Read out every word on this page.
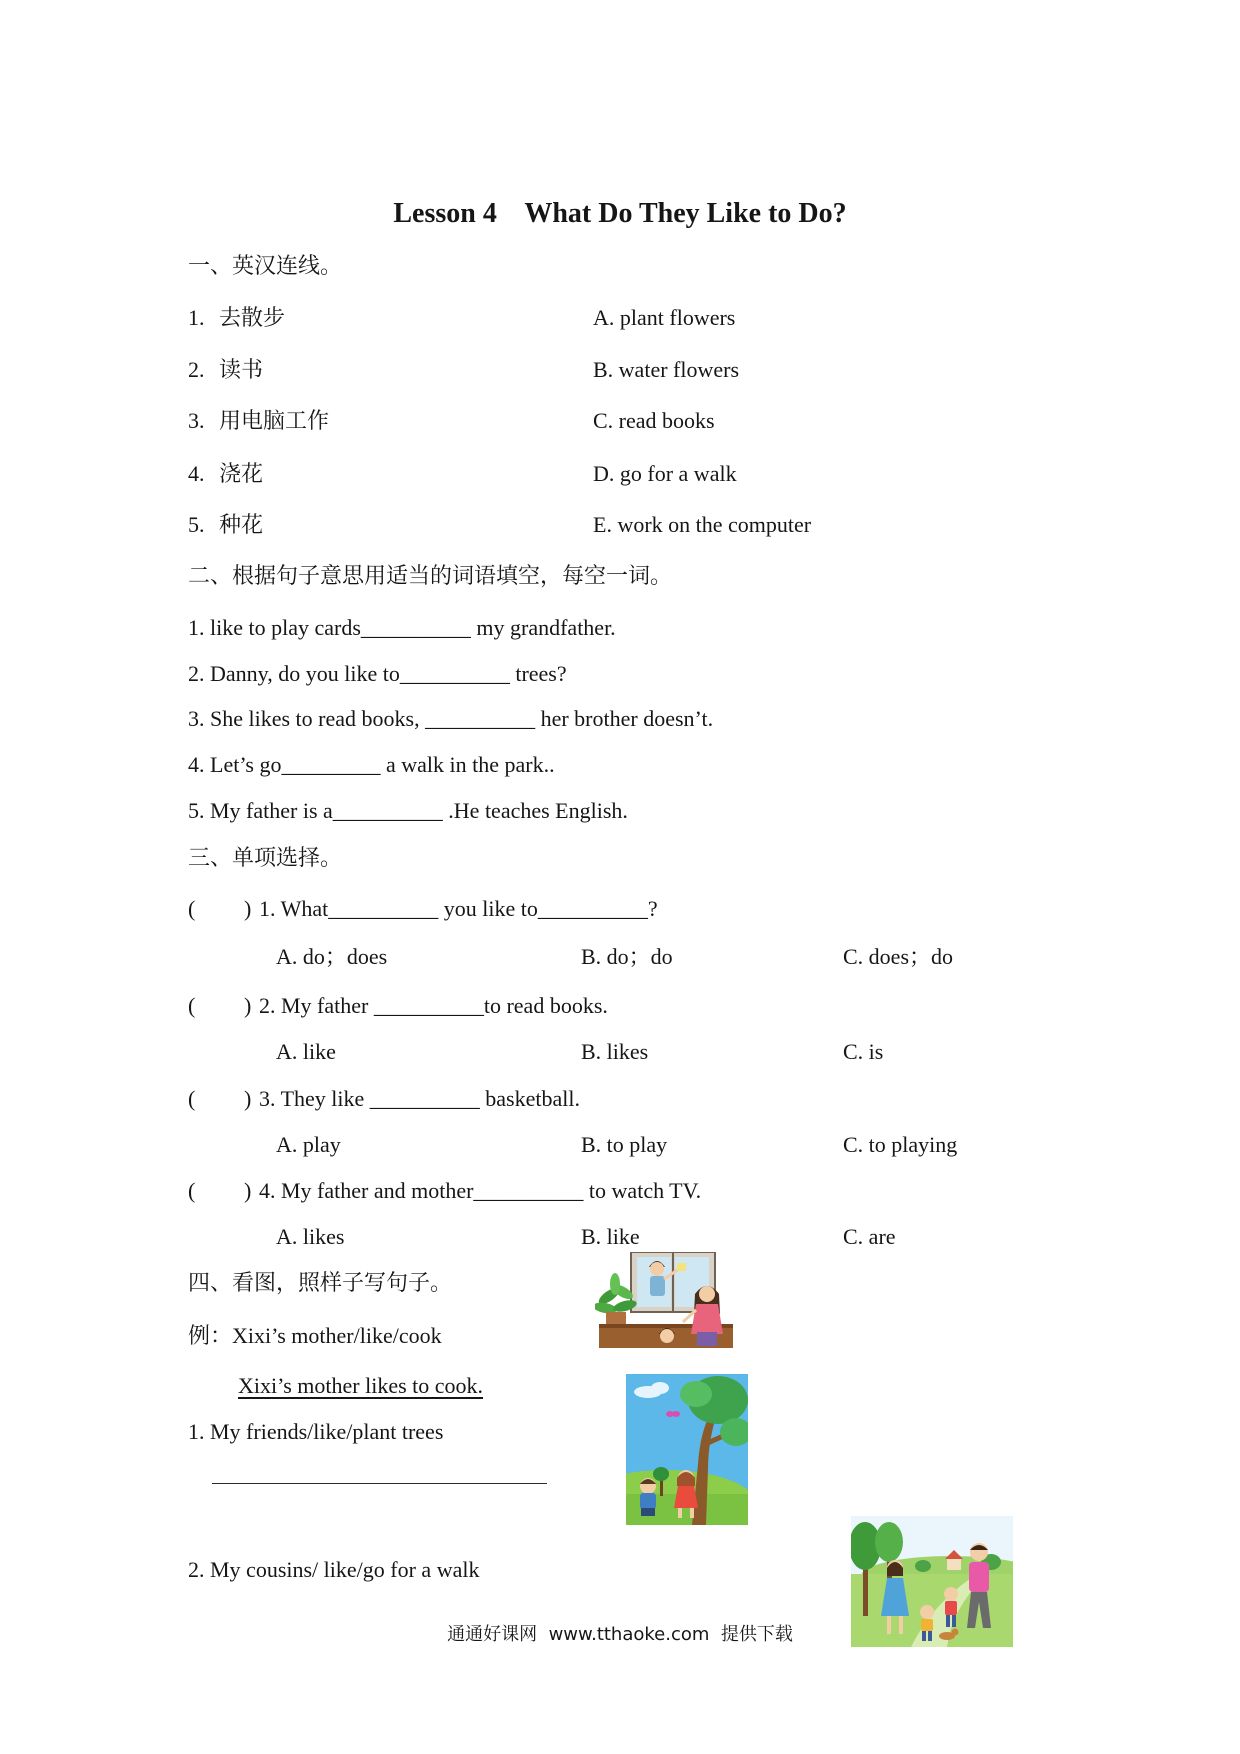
Lesson 4    What Do They Like to Do?
一、英汉连线。
1. 去散步	A. plant flowers
2. 读书	B. water flowers
3. 用电脑工作	C. read books
4. 浇花	D. go for a walk
5. 种花	E. work on the computer
二、根据句子意思用适当的词语填空，每空一词。
1. like to play cards__________ my grandfather.
2. Danny, do you like to__________ trees?
3. She likes to read books, __________ her brother doesn’t.
4. Let’s go_________ a walk in the park..
5. My father is a__________ .He teaches English.
三、单项选择。
( ) 1. What__________ you like to__________?
A. do；does	B. do；do	C. does；do
( ) 2. My father __________to read books.
A. like	B. likes	C. is
( ) 3. They like __________ basketball.
A. play	B. to play	C. to playing
( ) 4. My father and mother__________ to watch TV.
A. likes	B. like	C. are
四、看图，照样子写句子。
例：Xixi’s mother/like/cook
Xixi’s mother likes to cook.
1. My friends/like/plant trees
2. My cousins/ like/go for a walk
通通好课网  www.tthaoke.com  提供下载
